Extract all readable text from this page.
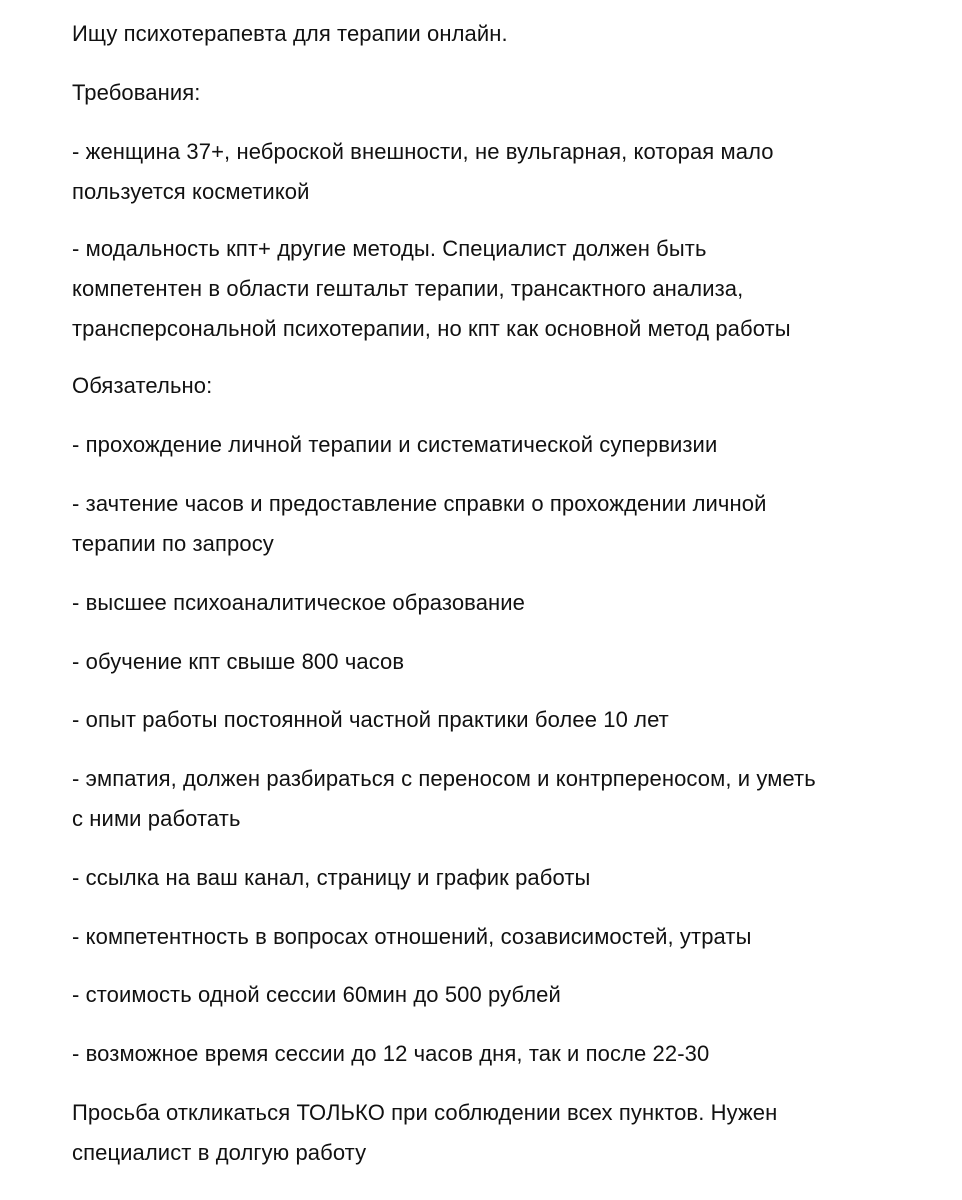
Ищу психотерапевта для терапии онлайн.

Требования:

- женщина 37+, неброской внешности, не вульгарная, которая мало
пользуется косметикой

- модальность кпт+ другие методы. Специалист должен быть
компетентен в области гештальт терапии, трансактного анализа,
трансперсональной психотерапии, но кпт как основной метод работы

Обязательно:

- прохождение личной терапии и систематической супервизии

- зачтение часов и предоставление справки о прохождении личной
терапии по запросу

- высшее психоаналитическое образование

- обучение кпт свыше 800 часов

- опыт работы постоянной частной практики более 10 лет

- эмпатия, должен разбираться с переносом и контрпереносом, и уметь
с ними работать

- ссылка на ваш канал, страницу и график работы

- компетентность в вопросах отношений, созависимостей, утраты

- стоимость одной сессии 60мин до 500 рублей

- возможное время сессии до 12 часов дня, так и после 22-30

Просьба откликаться ТОЛЬКО при соблюдении всех пунктов. Нужен
специалист в долгую работу
